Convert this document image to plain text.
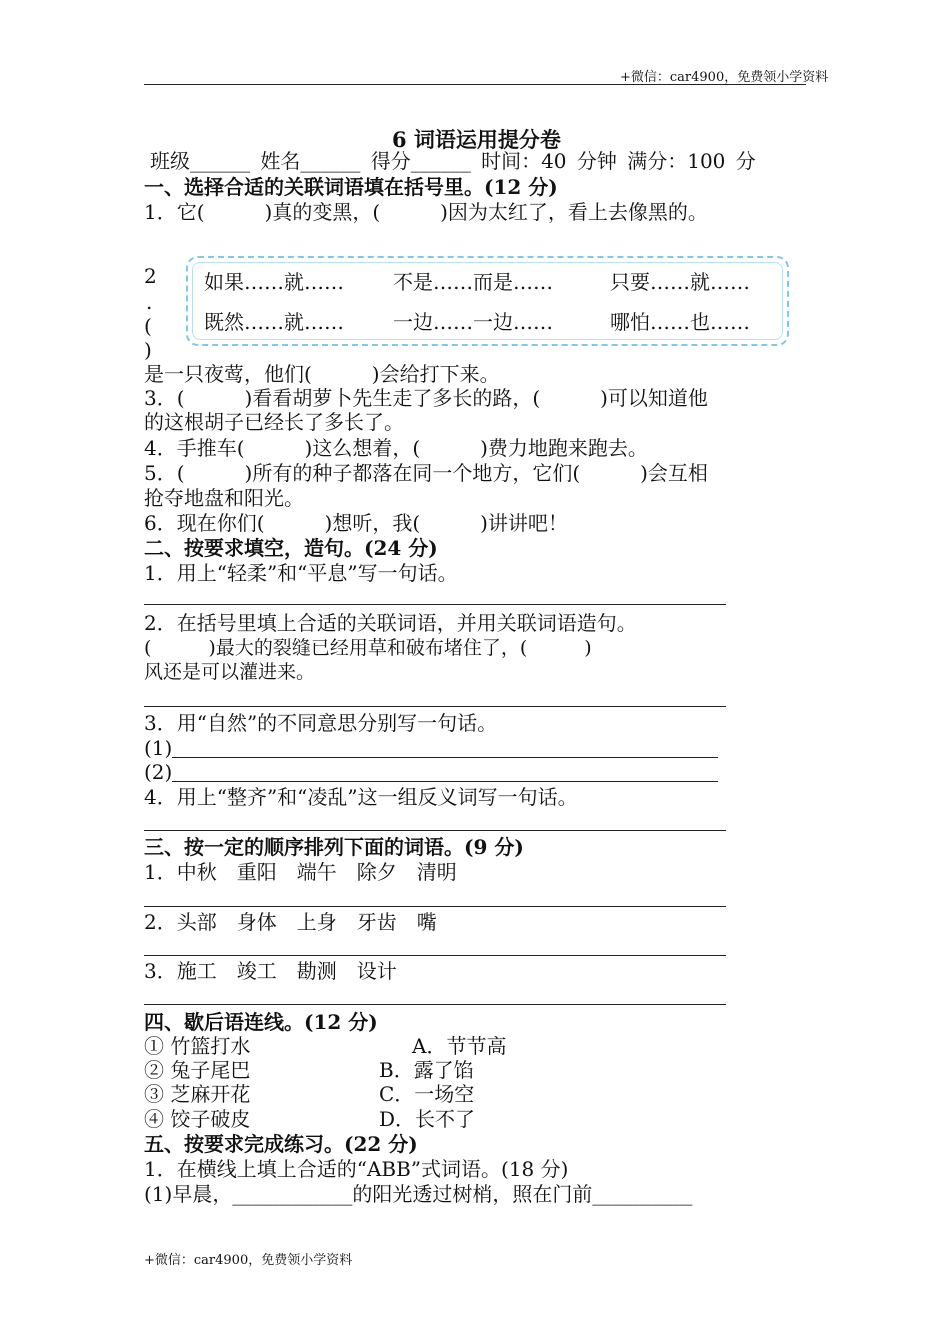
+微信：car4900，免费领小学资料
6 词语运用提分卷
班级______ 姓名______ 得分______ 时间：40 分钟 满分：100 分
一、选择合适的关联词语填在括号里。(12 分)
1．它(　　　)真的变黑，(　　　)因为太红了，看上去像黑的。
2
.
(
)
如果……就…… 不是……而是……	只要……就……
既然……就…… 一边……一边……	哪怕……也……
是一只夜莺，他们(　　　)会给打下来。
3．(　　　)看看胡萝卜先生走了多长的路，(　　　)可以知道他
的这根胡子已经长了多长了。
4．手推车(　　　)这么想着，(　　　)费力地跑来跑去。
5．(　　　)所有的种子都落在同一个地方，它们(　　　)会互相
抢夺地盘和阳光。
6．现在你们(　　　)想听，我(　　　)讲讲吧！
二、按要求填空，造句。(24 分)
1．用上“轻柔”和“平息”写一句话。
2．在括号里填上合适的关联词语，并用关联词语造句。
(　　　)最大的裂缝已经用草和破布堵住了，(　　　)
风还是可以灌进来。
3．用“自然”的不同意思分别写一句话。
(1)
(2)
4．用上“整齐”和“凌乱”这一组反义词写一句话。
三、按一定的顺序排列下面的词语。(9 分)
1．中秋　重阳　端午　除夕　清明
2．头部　身体　上身　牙齿　嘴
3．施工　竣工　勘测　设计
四、歇后语连线。(12 分)
① 竹篮打水
② 兔子尾巴
③ 芝麻开花
④ 饺子破皮
A．节节高
B．露了馅
C．一场空
D．长不了
五、按要求完成练习。(22 分)
1．在横线上填上合适的“ABB”式词语。(18 分)
(1)早晨，____________的阳光透过树梢，照在门前__________
+微信：car4900，免费领小学资料
